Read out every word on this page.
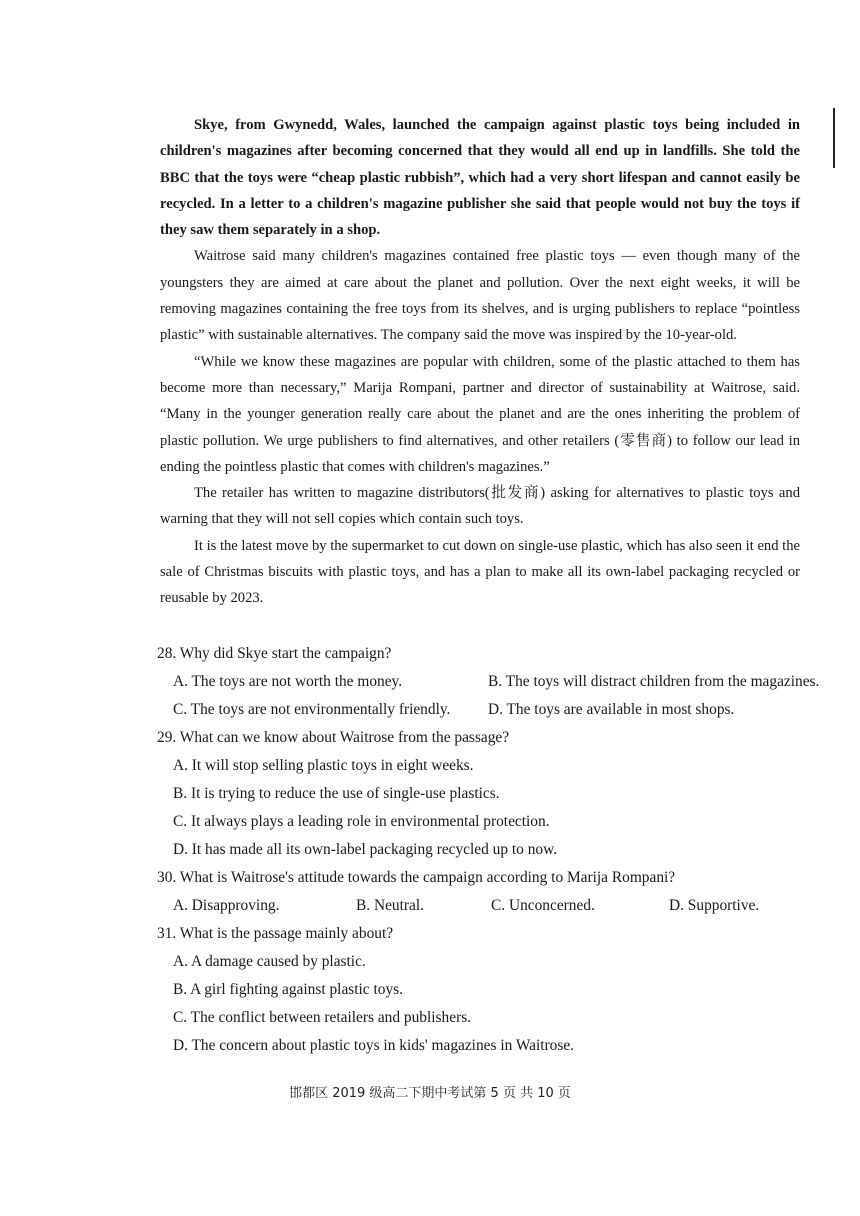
Skye, from Gwynedd, Wales, launched the campaign against plastic toys being included in children's magazines after becoming concerned that they would all end up in landfills. She told the BBC that the toys were “cheap plastic rubbish”, which had a very short lifespan and cannot easily be recycled. In a letter to a children's magazine publisher she said that people would not buy the toys if they saw them separately in a shop.

Waitrose said many children's magazines contained free plastic toys — even though many of the youngsters they are aimed at care about the planet and pollution. Over the next eight weeks, it will be removing magazines containing the free toys from its shelves, and is urging publishers to replace “pointless plastic” with sustainable alternatives. The company said the move was inspired by the 10-year-old.

“While we know these magazines are popular with children, some of the plastic attached to them has become more than necessary,” Marija Rompani, partner and director of sustainability at Waitrose, said. “Many in the younger generation really care about the planet and are the ones inheriting the problem of plastic pollution. We urge publishers to find alternatives, and other retailers (零售商) to follow our lead in ending the pointless plastic that comes with children's magazines.”

The retailer has written to magazine distributors(批发商) asking for alternatives to plastic toys and warning that they will not sell copies which contain such toys.

It is the latest move by the supermarket to cut down on single-use plastic, which has also seen it end the sale of Christmas biscuits with plastic toys, and has a plan to make all its own-label packaging recycled or reusable by 2023.

28. Why did Skye start the campaign?
A. The toys are not worth the money.	B. The toys will distract children from the magazines.
C. The toys are not environmentally friendly.	D. The toys are available in most shops.
29. What can we know about Waitrose from the passage?
A. It will stop selling plastic toys in eight weeks.
B. It is trying to reduce the use of single-use plastics.
C. It always plays a leading role in environmental protection.
D. It has made all its own-label packaging recycled up to now.
30. What is Waitrose's attitude towards the campaign according to Marija Rompani?
A. Disapproving.	B. Neutral.	C. Unconcerned.	D. Supportive.
31. What is the passage mainly about?
A. A damage caused by plastic.
B. A girl fighting against plastic toys.
C. The conflict between retailers and publishers.
D. The concern about plastic toys in kids' magazines in Waitrose.
邯都区 2019 级高二下期中考试第 5 页 共 10 页
